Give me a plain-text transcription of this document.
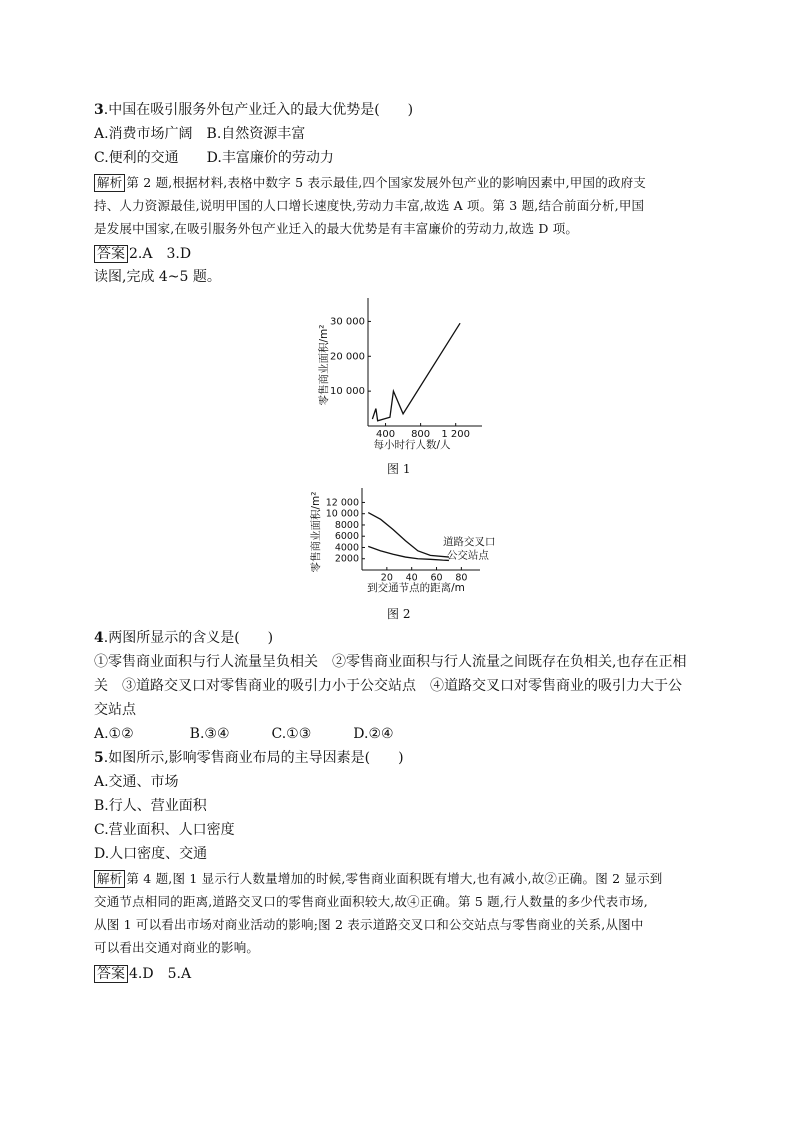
3.中国在吸引服务外包产业迁入的最大优势是(　　)
A.消费市场广阔　B.自然资源丰富
C.便利的交通　　D.丰富廉价的劳动力
解析 第 2 题,根据材料,表格中数字 5 表示最佳,四个国家发展外包产业的影响因素中,甲国的政府支
持、人力资源最佳,说明甲国的人口增长速度快,劳动力丰富,故选 A 项。第 3 题,结合前面分析,甲国
是发展中国家,在吸引服务外包产业迁入的最大优势是有丰富廉价的劳动力,故选 D 项。
答案 2.A　3.D
读图,完成 4~5 题。
10 000
20 000
30 000
400 800 1 200
每小时行人数/人
零售商业面积/m²
图 1
2000
4000
6000
8000
10 000
12 000
20 40 60 80
到交通节点的距离/m
零售商业面积/m²	道路交叉口
公交站点
图 2
4.两图所显示的含义是(　　)
①零售商业面积与行人流量呈负相关　②零售商业面积与行人流量之间既存在负相关,也存在正相
关　③道路交叉口对零售商业的吸引力小于公交站点　④道路交叉口对零售商业的吸引力大于公
交站点
A.①②　　　　B.③④　　　C.①③　　　D.②④
5.如图所示,影响零售商业布局的主导因素是(　　)
A.交通、市场
B.行人、营业面积
C.营业面积、人口密度
D.人口密度、交通
解析 第 4 题,图 1 显示行人数量增加的时候,零售商业面积既有增大,也有减小,故②正确。图 2 显示到
交通节点相同的距离,道路交叉口的零售商业面积较大,故④正确。第 5 题,行人数量的多少代表市场,
从图 1 可以看出市场对商业活动的影响;图 2 表示道路交叉口和公交站点与零售商业的关系,从图中
可以看出交通对商业的影响。
答案 4.D　5.A
